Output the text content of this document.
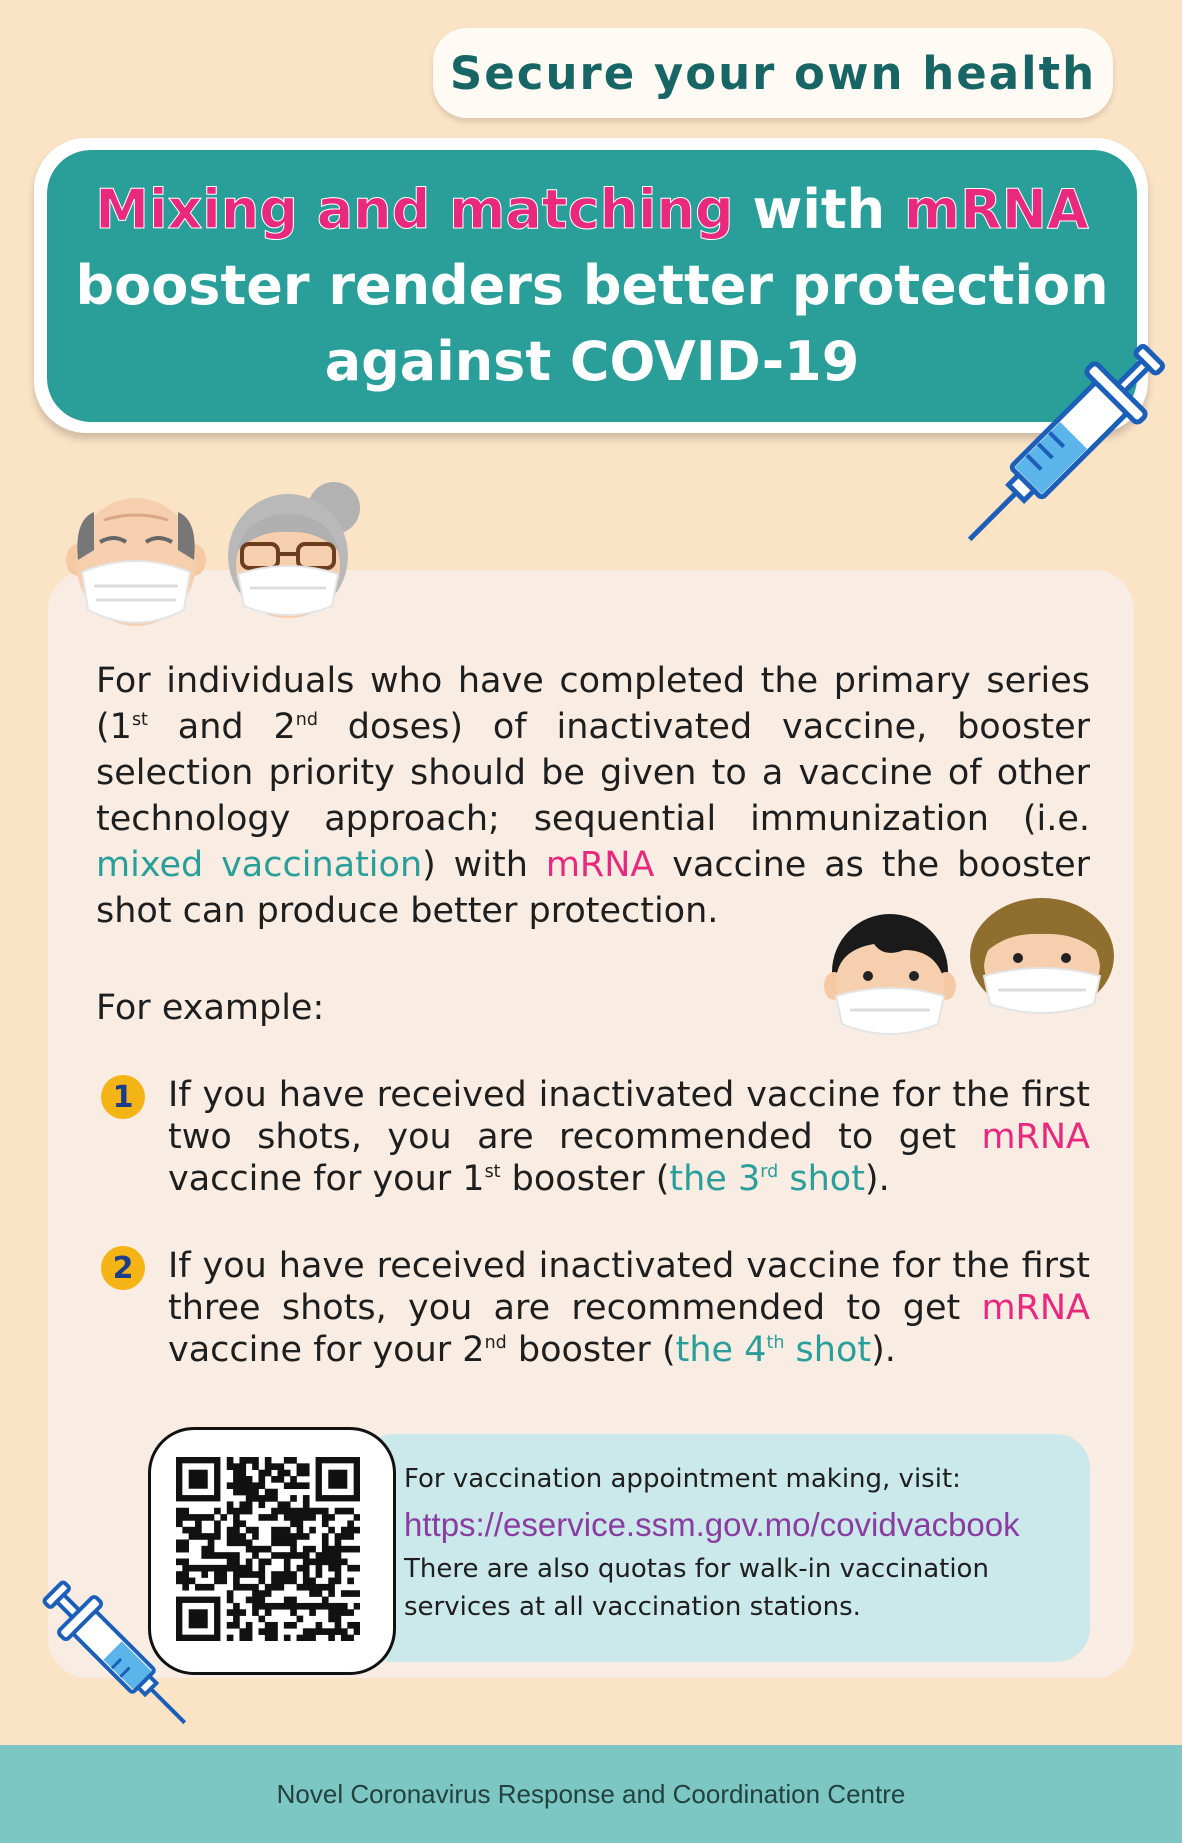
Secure your own health
Mixing and matching with mRNA
booster renders better protection
against COVID-19
For individuals who have completed the primary series (1st and 2nd doses) of inactivated vaccine, booster selection priority should be given to a vaccine of other technology approach; sequential immunization (i.e. mixed vaccination) with mRNA vaccine as the booster shot can produce better protection.
For example:
1 If you have received inactivated vaccine for the first two shots, you are recommended to get mRNA vaccine for your 1st booster (the 3rd shot).
2 If you have received inactivated vaccine for the first three shots, you are recommended to get mRNA vaccine for your 2nd booster (the 4th shot).
For vaccination appointment making, visit:
https://eservice.ssm.gov.mo/covidvacbook
There are also quotas for walk-in vaccination services at all vaccination stations.
Novel Coronavirus Response and Coordination Centre
